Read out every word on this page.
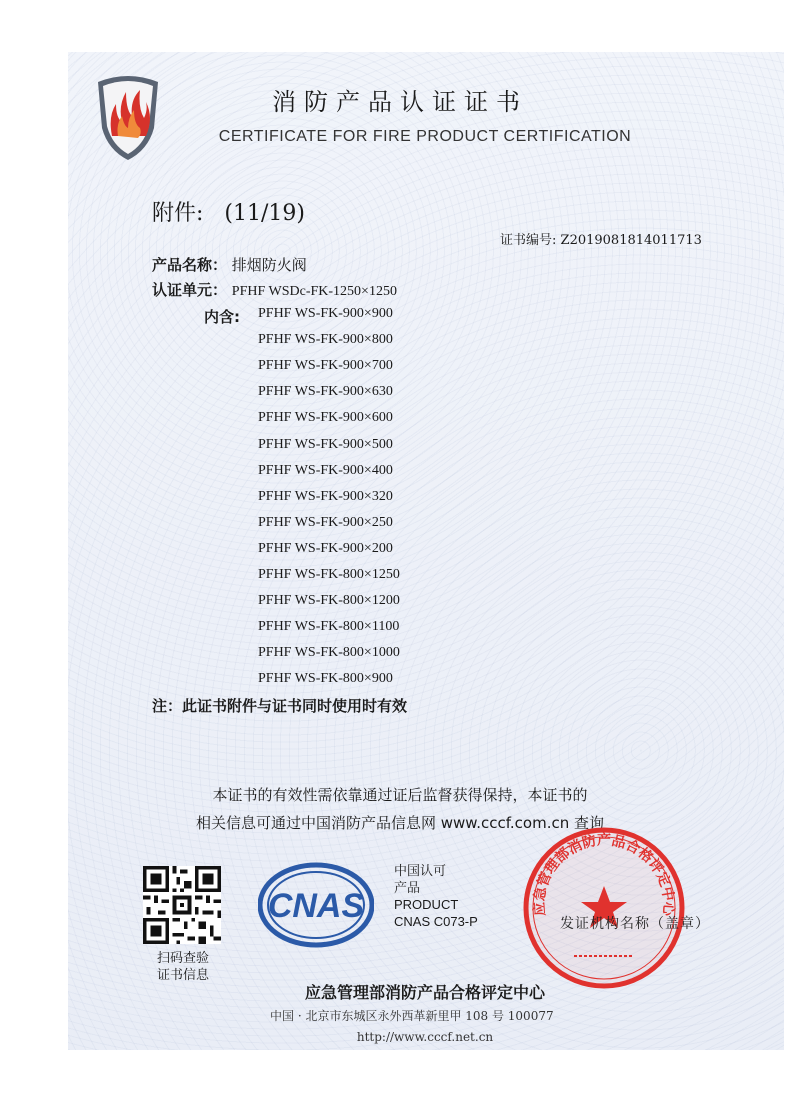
消防产品认证证书
CERTIFICATE FOR FIRE PRODUCT CERTIFICATION
附件: (11/19)
证书编号: Z2019081814011713
产品名称： 排烟防火阀
认证单元： PFHF WSDc-FK-1250×1250
内含: PFHF WS-FK-900×900
PFHF WS-FK-900×800
PFHF WS-FK-900×700
PFHF WS-FK-900×630
PFHF WS-FK-900×600
PFHF WS-FK-900×500
PFHF WS-FK-900×400
PFHF WS-FK-900×320
PFHF WS-FK-900×250
PFHF WS-FK-900×200
PFHF WS-FK-800×1250
PFHF WS-FK-800×1200
PFHF WS-FK-800×1100
PFHF WS-FK-800×1000
PFHF WS-FK-800×900
注：此证书附件与证书同时使用时有效
本证书的有效性需依靠通过证后监督获得保持，本证书的
相关信息可通过中国消防产品信息网 www.cccf.com.cn 查询
扫码查验
证书信息
CNAS
中国认可
产品
PRODUCT
CNAS C073-P
应急管理部消防产品合格评定中心
发证机构名称（盖章）
应急管理部消防产品合格评定中心
中国 · 北京市东城区永外西革新里甲 108 号 100077
http://www.cccf.net.cn
